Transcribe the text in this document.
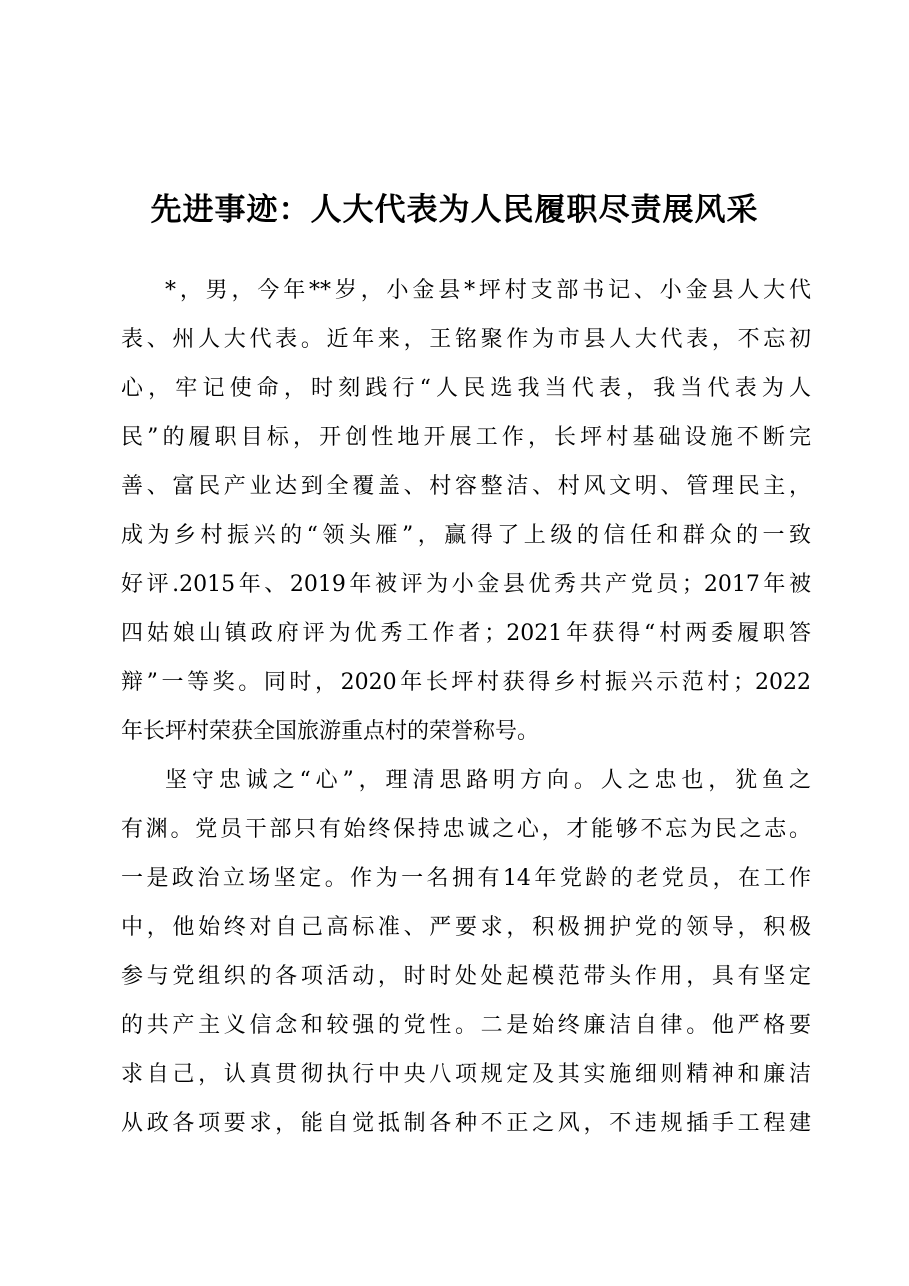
先进事迹：人大代表为人民履职尽责展风采

*，男，今年**岁，小金县*坪村支部书记、小金县人大代

表、州人大代表。近年来，王铭聚作为市县人大代表，不忘初

心，牢记使命，时刻践行“人民选我当代表，我当代表为人

民”的履职目标，开创性地开展工作，长坪村基础设施不断完

善、富民产业达到全覆盖、村容整洁、村风文明、管理民主，

成为乡村振兴的“领头雁”，赢得了上级的信任和群众的一致

好评.2015年、2019年被评为小金县优秀共产党员；2017年被

四姑娘山镇政府评为优秀工作者；2021年获得“村两委履职答

辩”一等奖。同时，2020年长坪村获得乡村振兴示范村；2022

年长坪村荣获全国旅游重点村的荣誉称号。

坚守忠诚之“心”，理清思路明方向。人之忠也，犹鱼之

有渊。党员干部只有始终保持忠诚之心，才能够不忘为民之志。

一是政治立场坚定。作为一名拥有14年党龄的老党员，在工作

中，他始终对自己高标准、严要求，积极拥护党的领导，积极

参与党组织的各项活动，时时处处起模范带头作用，具有坚定

的共产主义信念和较强的党性。二是始终廉洁自律。他严格要

求自己，认真贯彻执行中央八项规定及其实施细则精神和廉洁

从政各项要求，能自觉抵制各种不正之风，不违规插手工程建
